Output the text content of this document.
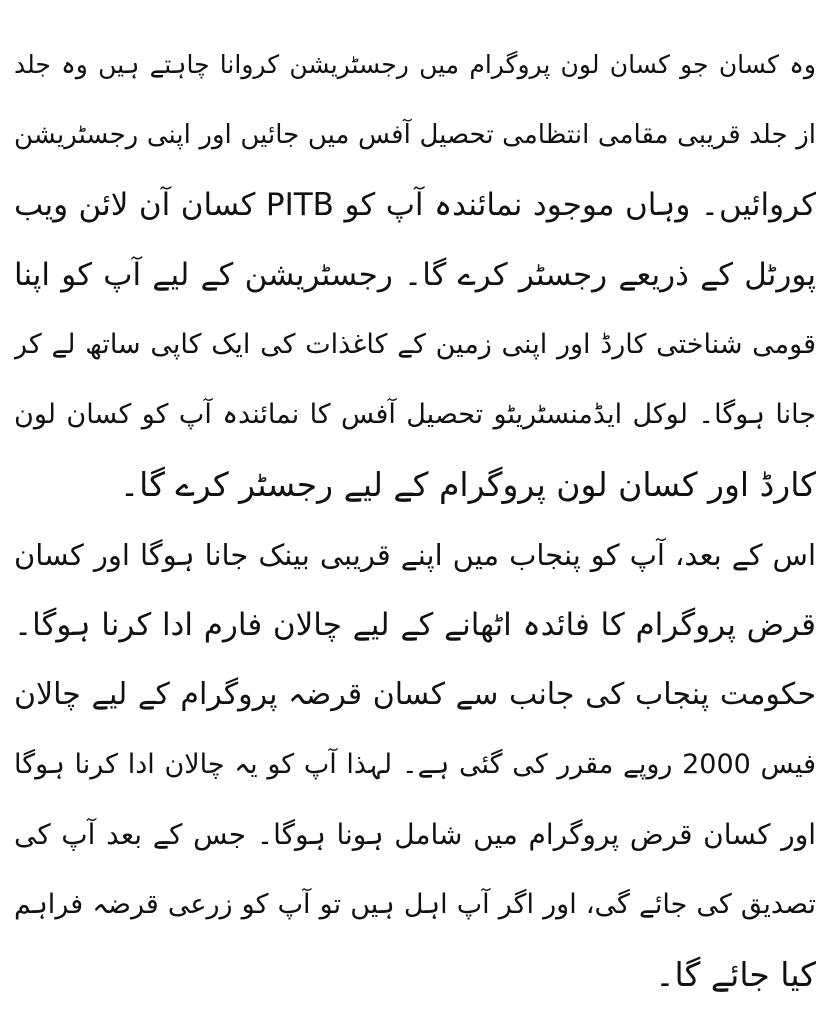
وہ کسان جو کسان لون پروگرام میں رجسٹریشن کروانا چاہتے ہیں وہ جلد
از جلد قریبی مقامی انتظامی تحصیل آفس میں جائیں اور اپنی رجسٹریشن
کروائیں۔ وہاں موجود نمائندہ آپ کو PITB کسان آن لائن ویب
پورٹل کے ذریعے رجسٹر کرے گا۔ رجسٹریشن کے لیے آپ کو اپنا
قومی شناختی کارڈ اور اپنی زمین کے کاغذات کی ایک کاپی ساتھ لے کر
جانا ہوگا۔ لوکل ایڈمنسٹریٹو تحصیل آفس کا نمائندہ آپ کو کسان لون
کارڈ اور کسان لون پروگرام کے لیے رجسٹر کرے گا۔
اس کے بعد، آپ کو پنجاب میں اپنے قریبی بینک جانا ہوگا اور کسان
قرض پروگرام کا فائدہ اٹھانے کے لیے چالان فارم ادا کرنا ہوگا۔
حکومت پنجاب کی جانب سے کسان قرضہ پروگرام کے لیے چالان
فیس 2000 روپے مقرر کی گئی ہے۔ لہذا آپ کو یہ چالان ادا کرنا ہوگا
اور کسان قرض پروگرام میں شامل ہونا ہوگا۔ جس کے بعد آپ کی
تصدیق کی جائے گی، اور اگر آپ اہل ہیں تو آپ کو زرعی قرضہ فراہم
کیا جائے گا۔
